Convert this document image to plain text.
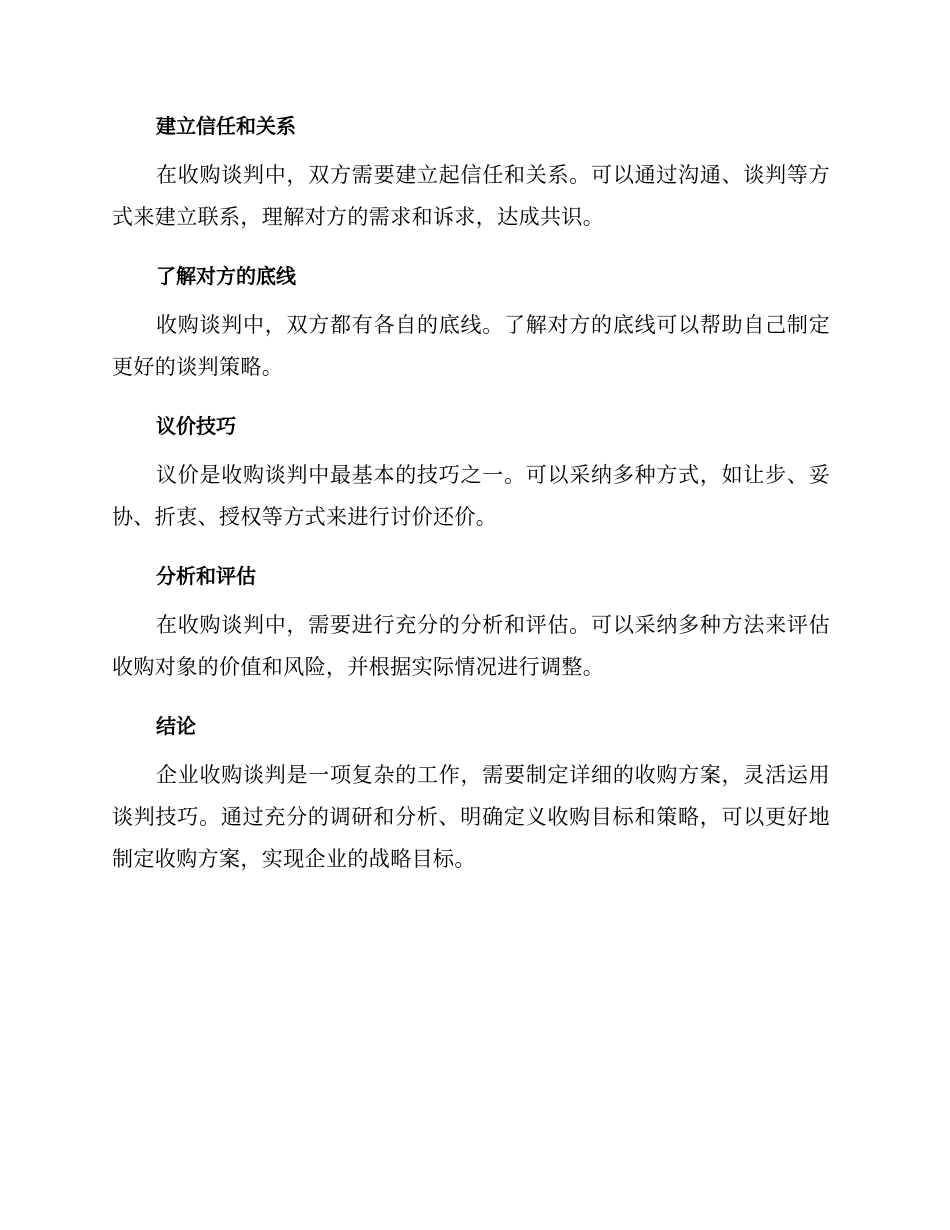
建立信任和关系

在收购谈判中，双方需要建立起信任和关系。可以通过沟通、谈判等方式来建立联系，理解对方的需求和诉求，达成共识。

了解对方的底线

收购谈判中，双方都有各自的底线。了解对方的底线可以帮助自己制定更好的谈判策略。

议价技巧

议价是收购谈判中最基本的技巧之一。可以采纳多种方式，如让步、妥协、折衷、授权等方式来进行讨价还价。

分析和评估

在收购谈判中，需要进行充分的分析和评估。可以采纳多种方法来评估收购对象的价值和风险，并根据实际情况进行调整。

结论

企业收购谈判是一项复杂的工作，需要制定详细的收购方案，灵活运用谈判技巧。通过充分的调研和分析、明确定义收购目标和策略，可以更好地制定收购方案，实现企业的战略目标。
